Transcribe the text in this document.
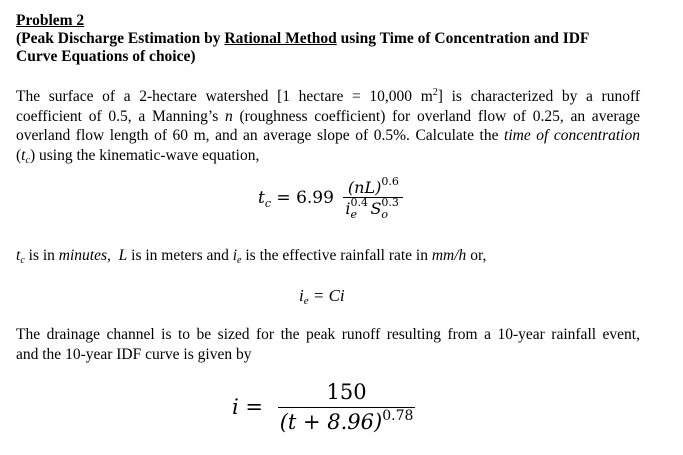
Problem 2
(Peak Discharge Estimation by Rational Method using Time of Concentration and IDF
Curve Equations of choice)
The surface of a 2-hectare watershed [1 hectare = 10,000 $m^2$] is characterized by a runoff
coefficient of 0.5, a Manning’s n (roughness coefficient) for overland flow of 0.25, an average
overland flow length of 60 m, and an average slope of 0.5%. Calculate the time of concentration
$(t_c)$ using the kinematic-wave equation,
$t_c = 6.99$ (nL)$^{0.6}$
i 0.4
e S 0.3
o
$t_c$ is in minutes,  L is in meters and $i_e$ is the effective rainfall rate in mm/h or,
$i_e = Ci$
The drainage channel is to be sized for the peak runoff resulting from a 10-year rainfall event,
and the 10-year IDF curve is given by
$i = \frac{150}{(t + 8.96)^{0.78}}$
